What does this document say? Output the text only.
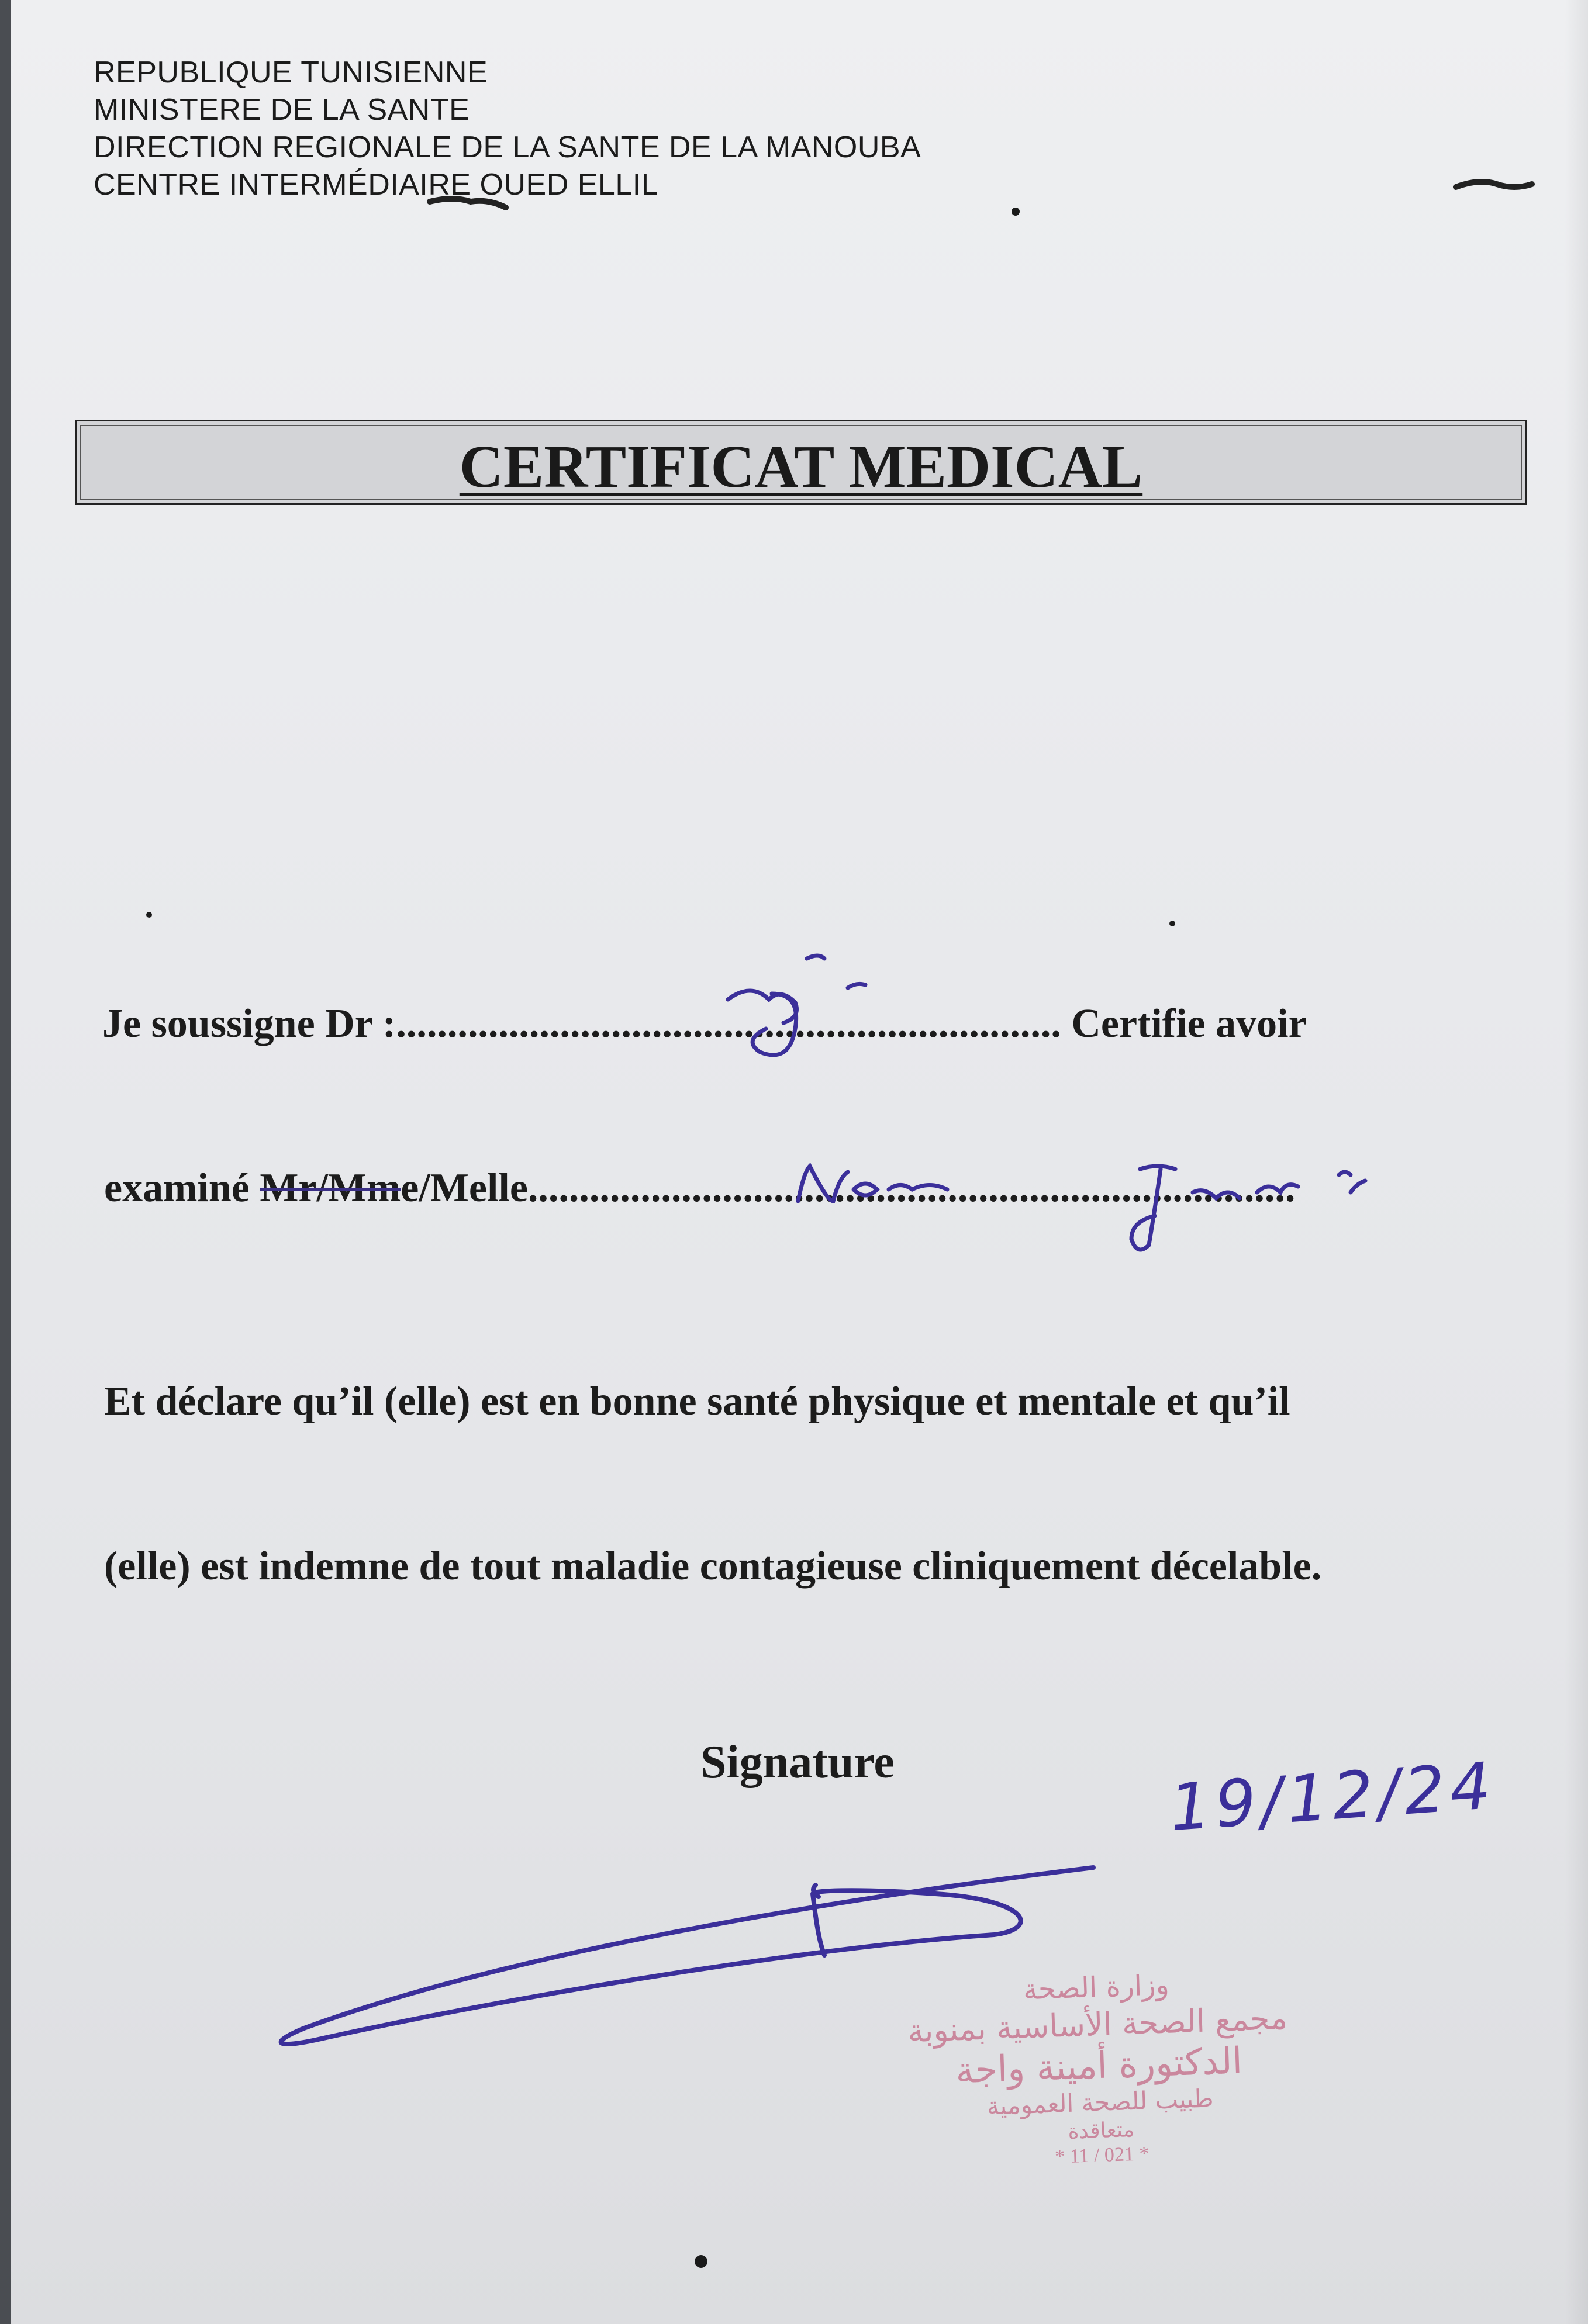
REPUBLIQUE TUNISIENNE
MINISTERE DE LA SANTE
DIRECTION REGIONALE DE LA SANTE DE LA MANOUBA
CENTRE INTERMÉDIAIRE OUED ELLIL
CERTIFICAT MEDICAL
Je soussigne Dr :................................................................. Certifie avoir
examiné Mr/Mme/Melle...........................................................................
Et déclare qu’il (elle) est en bonne santé physique et mentale et qu’il
(elle) est indemne de tout maladie contagieuse cliniquement décelable.
Signature	19/12/24
وزارة الصحة
مجمع الصحة الأساسية بمنوبة
الدكتورة أمينة واجة
طبيب للصحة العمومية
متعاقدة
* 11 / 021 *
